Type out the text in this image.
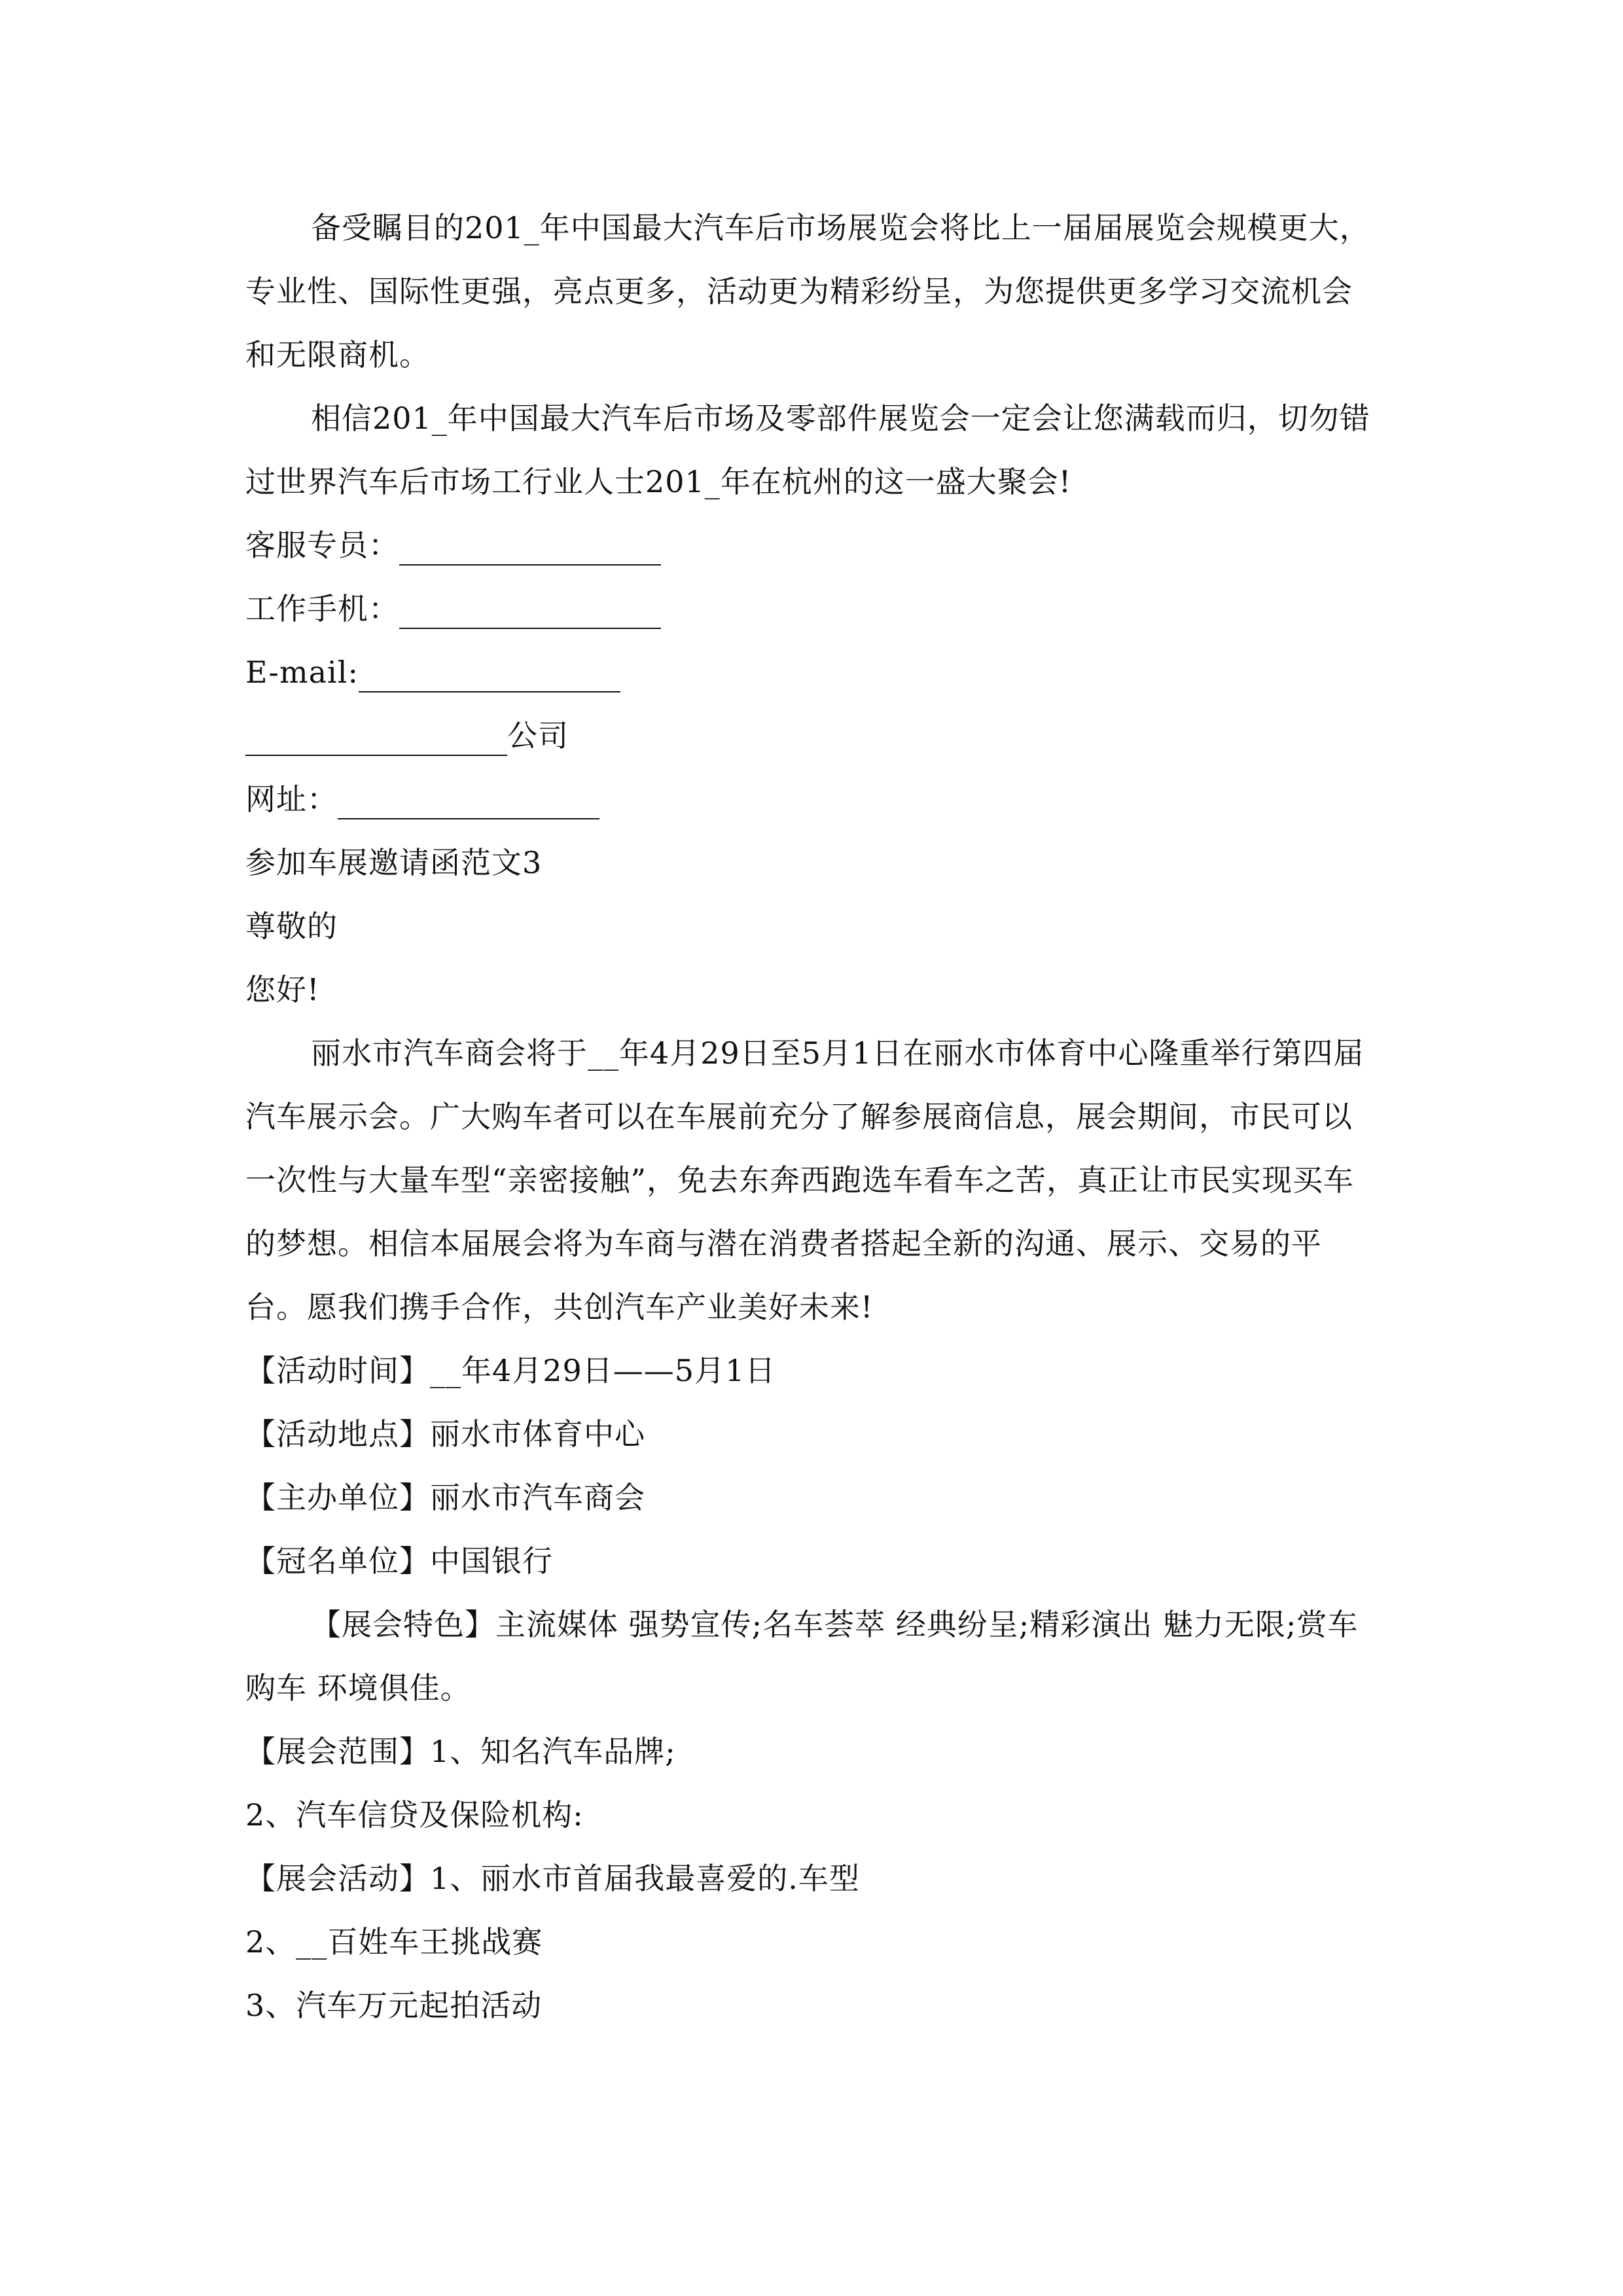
备受瞩目的201_年中国最大汽车后市场展览会将比上一届届展览会规模更大，专业性、国际性更强，亮点更多，活动更为精彩纷呈，为您提供更多学习交流机会和无限商机。

相信201_年中国最大汽车后市场及零部件展览会一定会让您满载而归，切勿错过世界汽车后市场工行业人士201_年在杭州的这一盛大聚会!

客服专员：

工作手机：

E-mail:

公司

网址：

参加车展邀请函范文3

尊敬的

您好!

丽水市汽车商会将于__年4月29日至5月1日在丽水市体育中心隆重举行第四届汽车展示会。广大购车者可以在车展前充分了解参展商信息，展会期间，市民可以一次性与大量车型“亲密接触”，免去东奔西跑选车看车之苦，真正让市民实现买车的梦想。相信本届展会将为车商与潜在消费者搭起全新的沟通、展示、交易的平台。愿我们携手合作，共创汽车产业美好未来!

【活动时间】__年4月29日——5月1日

【活动地点】丽水市体育中心

【主办单位】丽水市汽车商会

【冠名单位】中国银行

【展会特色】主流媒体 强势宣传;名车荟萃 经典纷呈;精彩演出 魅力无限;赏车购车 环境俱佳。

【展会范围】1、知名汽车品牌;

2、汽车信贷及保险机构:

【展会活动】1、丽水市首届我最喜爱的.车型

2、__百姓车王挑战赛

3、汽车万元起拍活动
